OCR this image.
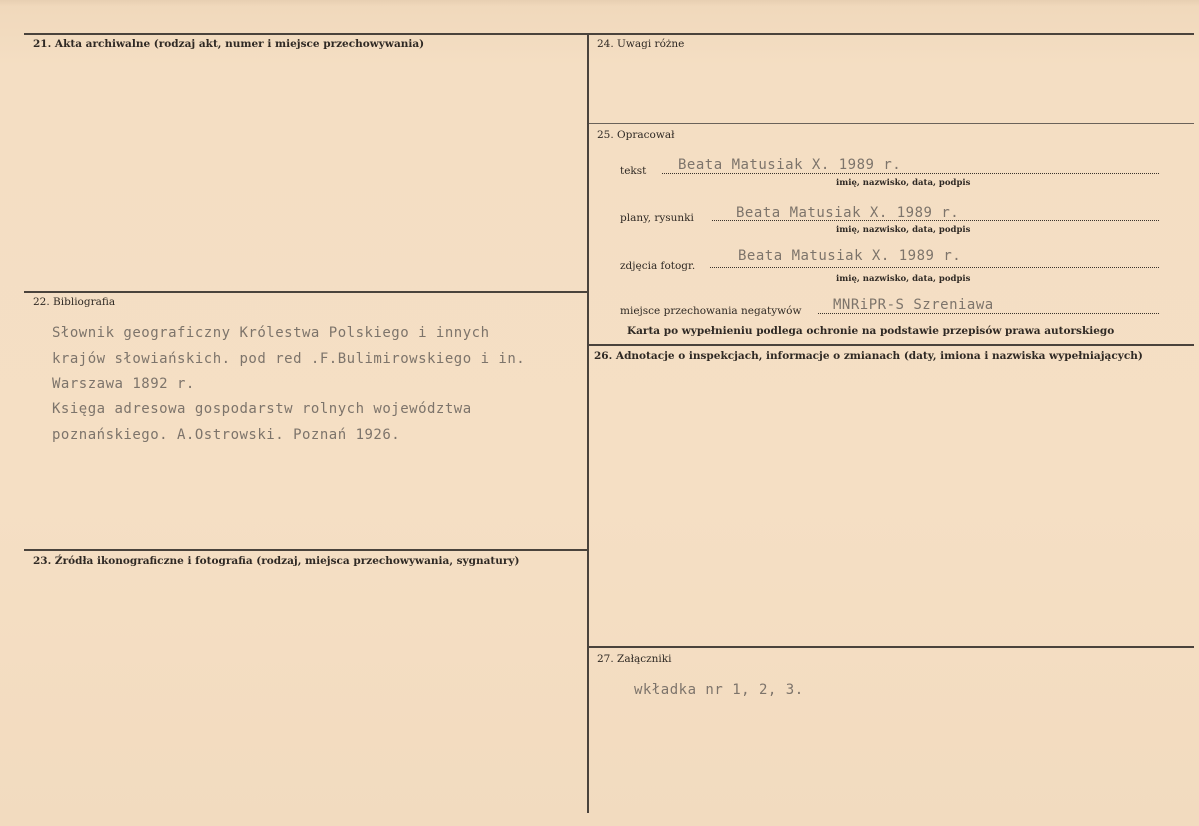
21. Akta archiwalne (rodzaj akt, numer i miejsce przechowywania)
22. Bibliografia
Słownik geograficzny Królestwa Polskiego i innych
krajów słowiańskich. pod red .F.Bulimirowskiego i in.
Warszawa 1892 r.
Księga adresowa gospodarstw rolnych województwa
poznańskiego. A.Ostrowski. Poznań 1926.
23. Źródła ikonograficzne i fotografia (rodzaj, miejsca przechowywania, sygnatury)
24. Uwagi różne
25. Opracował
tekst Beata Matusiak X. 1989 r.
imię, nazwisko, data, podpis
plany, rysunki	Beata Matusiak X. 1989 r.
imię, nazwisko, data, podpis
zdjęcia fotogr.
Beata Matusiak X. 1989 r.
imię, nazwisko, data, podpis
miejsce przechowania negatywów MNRiPR-S Szreniawa
Karta po wypełnieniu podlega ochronie na podstawie przepisów prawa autorskiego
26. Adnotacje o inspekcjach, informacje o zmianach (daty, imiona i nazwiska wypełniających)
27. Załączniki
wkładka nr 1, 2, 3.
